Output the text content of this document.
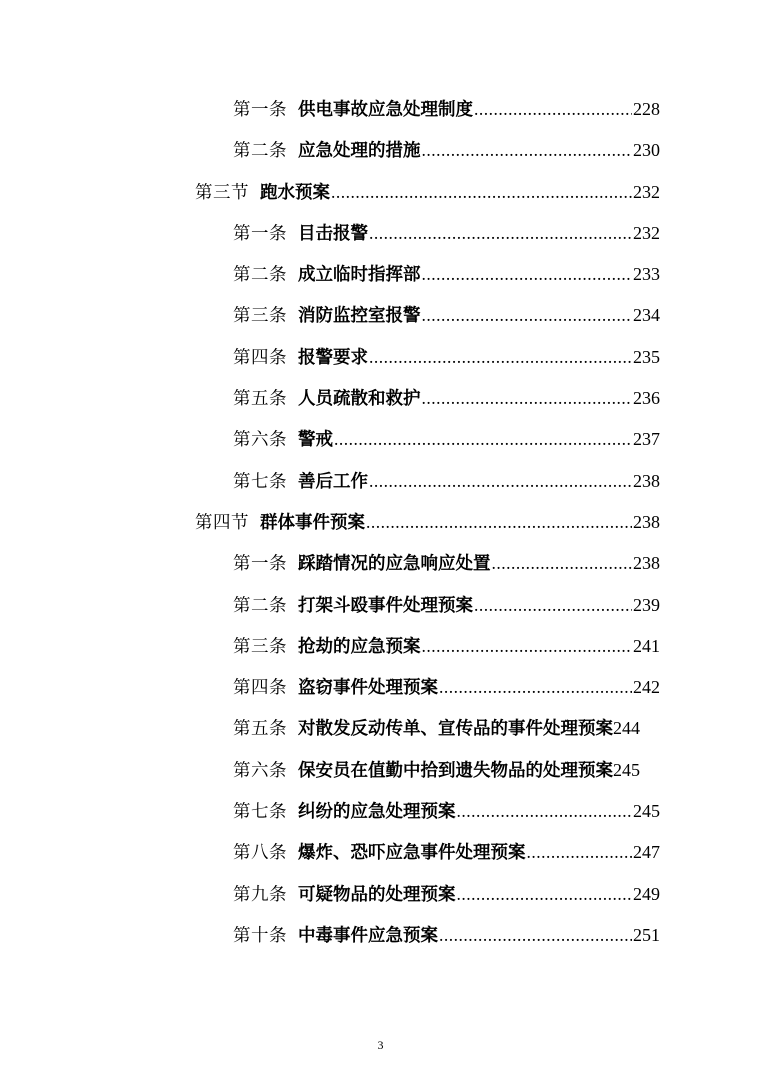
第一条 供电事故应急处理制度 .....	228
第二条 应急处理的措施 .....	230
第三节 跑水预案 .....	232
第一条 目击报警 .....	232
第二条 成立临时指挥部 .....	233
第三条 消防监控室报警 .....	234
第四条 报警要求 .....	235
第五条 人员疏散和救护 .....	236
第六条 警戒 .....	237
第七条 善后工作 .....	238
第四节 群体事件预案 .....	238
第一条 踩踏情况的应急响应处置 .....	238
第二条 打架斗殴事件处理预案 .....	239
第三条 抢劫的应急预案 .....	241
第四条 盗窃事件处理预案 .....	242
第五条 对散发反动传单、宣传品的事件处理预案 244
第六条 保安员在值勤中拾到遗失物品的处理预案 245
第七条 纠纷的应急处理预案 .....	245
第八条 爆炸、恐吓应急事件处理预案 .....	247
第九条 可疑物品的处理预案 .....	249
第十条 中毒事件应急预案 .....	251
3
